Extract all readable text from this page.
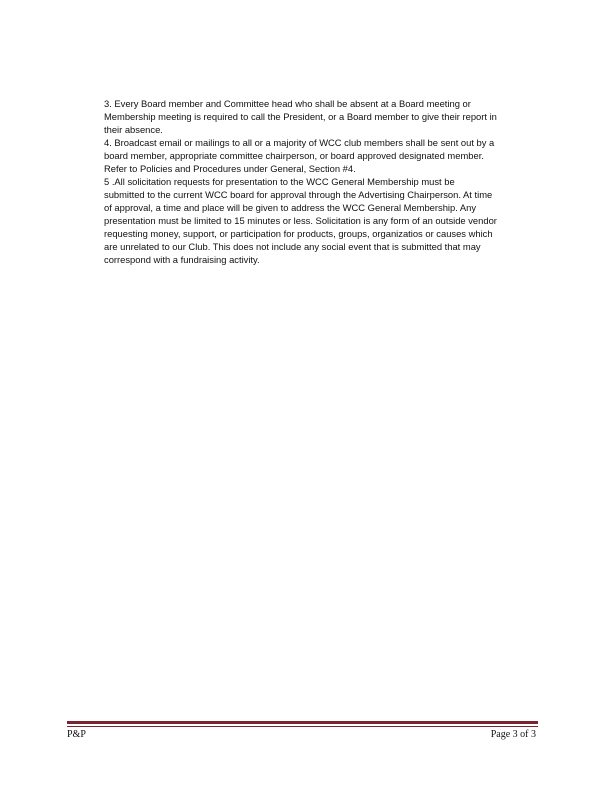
3. Every Board member and Committee head who shall be absent at a Board meeting or
Membership meeting is required to call the President, or a Board member to give their report in
their absence.
4. Broadcast email or mailings to all or a majority of WCC club members shall be sent out by a
board member, appropriate committee chairperson, or board approved designated member.
Refer to Policies and Procedures under General, Section #4.
5 .All solicitation requests for presentation to the WCC General Membership must be
submitted to the current WCC board for approval through the Advertising Chairperson. At time
of approval, a time and place will be given to address the WCC General Membership. Any
presentation must be limited to 15 minutes or less. Solicitation is any form of an outside vendor
requesting money, support, or participation for products, groups, organizatios or causes which
are unrelated to our Club. This does not include any social event that is submitted that may
correspond with a fundraising activity.
P&P	Page 3 of 3
